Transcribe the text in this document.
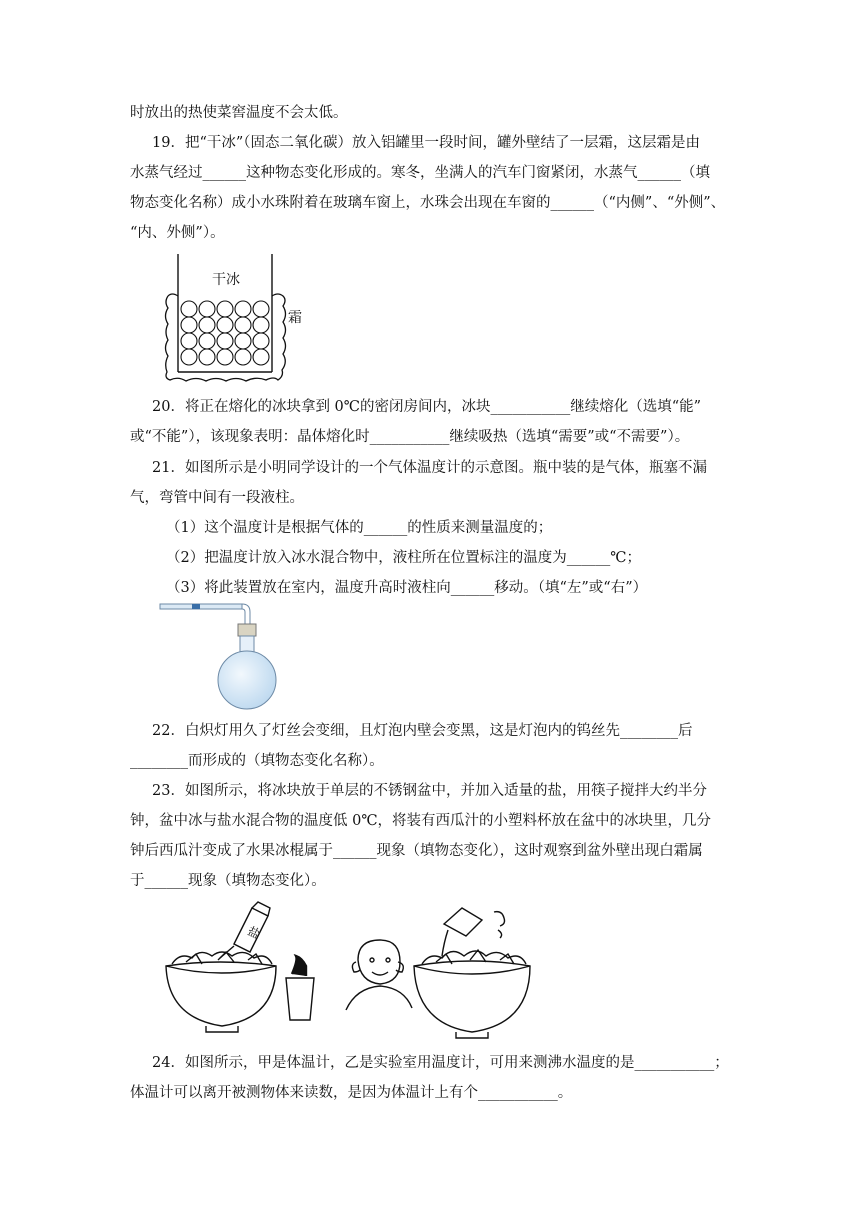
时放出的热使菜窖温度不会太低。
19．把“干冰”（固态二氧化碳）放入铝罐里一段时间，罐外壁结了一层霜，这层霜是由
水蒸气经过______这种物态变化形成的。寒冬，坐满人的汽车门窗紧闭，水蒸气______（填
物态变化名称）成小水珠附着在玻璃车窗上，水珠会出现在车窗的______（“内侧”、“外侧”、
“内、外侧”）。
干冰
霜
20．将正在熔化的冰块拿到 0℃的密闭房间内，冰块___________继续熔化（选填“能”
或“不能”），该现象表明：晶体熔化时___________继续吸热（选填“需要”或“不需要”）。
21．如图所示是小明同学设计的一个气体温度计的示意图。瓶中装的是气体，瓶塞不漏
气，弯管中间有一段液柱。
（1）这个温度计是根据气体的______的性质来测量温度的；
（2）把温度计放入冰水混合物中，液柱所在位置标注的温度为______℃；
（3）将此装置放在室内，温度升高时液柱向______移动。（填“左”或“右”）
22．白炽灯用久了灯丝会变细，且灯泡内壁会变黑，这是灯泡内的钨丝先________后
________而形成的（填物态变化名称）。
23．如图所示，将冰块放于单层的不锈钢盆中，并加入适量的盐，用筷子搅拌大约半分
钟，盆中冰与盐水混合物的温度低 0℃，将装有西瓜汁的小塑料杯放在盆中的冰块里，几分
钟后西瓜汁变成了水果冰棍属于______现象（填物态变化），这时观察到盆外壁出现白霜属
于______现象（填物态变化）。
盐
24．如图所示，甲是体温计，乙是实验室用温度计，可用来测沸水温度的是___________；
体温计可以离开被测物体来读数，是因为体温计上有个___________。
